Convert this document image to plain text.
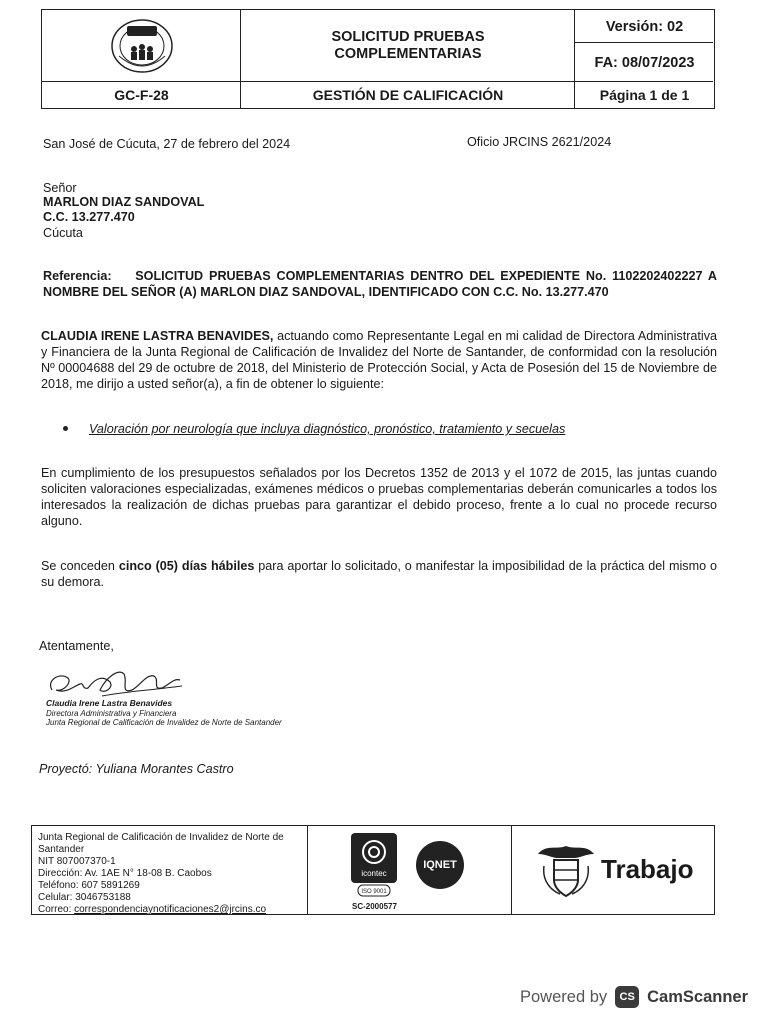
SOLICITUD PRUEBAS
COMPLEMENTARIAS
Versión: 02
FA: 08/07/2023
GC-F-28	GESTIÓN DE CALIFICACIÓN	Página 1 de 1
San José de Cúcuta, 27 de febrero del 2024	Oficio JRCINS 2621/2024
Señor
MARLON DIAZ SANDOVAL
C.C. 13.277.470
Cúcuta
Referencia: SOLICITUD PRUEBAS COMPLEMENTARIAS DENTRO DEL EXPEDIENTE No. 1102202402227 A NOMBRE DEL SEÑOR (A) MARLON DIAZ SANDOVAL, IDENTIFICADO CON C.C. No. 13.277.470
CLAUDIA IRENE LASTRA BENAVIDES, actuando como Representante Legal en mi calidad de Directora Administrativa y Financiera de la Junta Regional de Calificación de Invalidez del Norte de Santander, de conformidad con la resolución Nº 00004688 del 29 de octubre de 2018, del Ministerio de Protección Social, y Acta de Posesión del 15 de Noviembre de 2018, me dirijo a usted señor(a), a fin de obtener lo siguiente:
Valoración por neurología que incluya diagnóstico, pronóstico, tratamiento y secuelas
En cumplimiento de los presupuestos señalados por los Decretos 1352 de 2013 y el 1072 de 2015, las juntas cuando soliciten valoraciones especializadas, exámenes médicos o pruebas complementarias deberán comunicarles a todos los interesados la realización de dichas pruebas para garantizar el debido proceso, frente a lo cual no procede recurso alguno.
Se conceden cinco (05) días hábiles para aportar lo solicitado, o manifestar la imposibilidad de la práctica del mismo o su demora.
Atentamente,
Claudia Irene Lastra Benavides
Directora Administrativa y Financiera
Junta Regional de Calificación de Invalidez de Norte de Santander
Proyectó: Yuliana Morantes Castro
Junta Regional de Calificación de Invalidez de Norte de Santander
NIT 807007370-1
Dirección: Av. 1AE N° 18-08 B. Caobos
Teléfono: 607 5891269
Celular: 3046753188
Correo: correspondenciaynotificaciones2@jrcins.co
icontec
ISO 9001
IQNET
SC-2000577
Trabajo
Powered by	CS CamScanner
